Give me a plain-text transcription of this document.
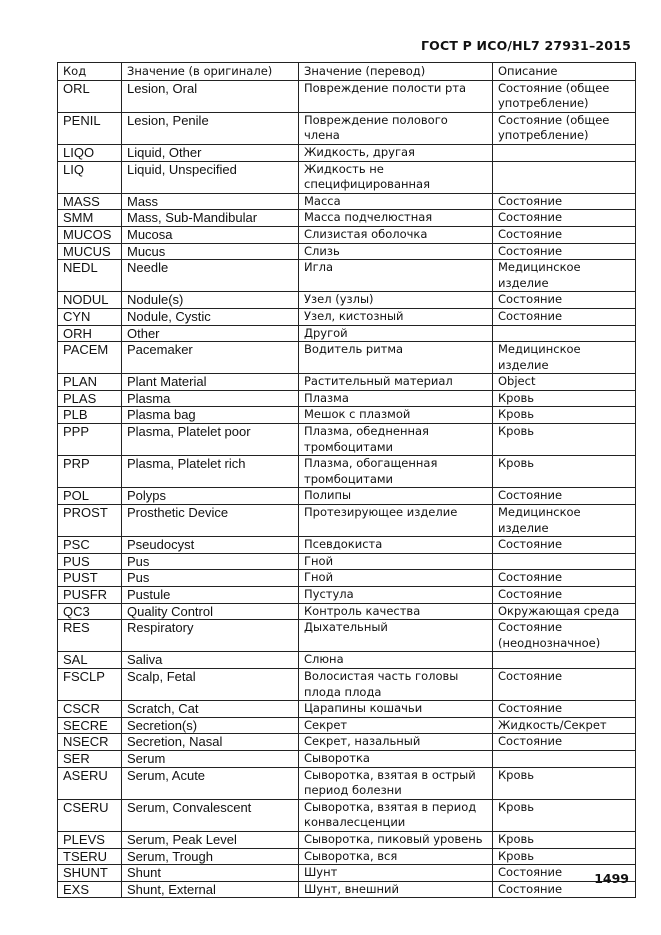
ГОСТ Р ИСО/HL7 27931–2015
Код	Значение (в оригинале)	Значение (перевод)	Описание
ORL	Lesion, Oral	Повреждение полости рта	Состояние (общее употребление)
PENIL	Lesion, Penile	Повреждение полового члена	Состояние (общее употребление)
LIQO	Liquid, Other	Жидкость, другая	
LIQ	Liquid, Unspecified	Жидкость не специфицированная	
MASS	Mass	Масса	Состояние
SMM	Mass, Sub-Mandibular	Масса подчелюстная	Состояние
MUCOS	Mucosa	Слизистая оболочка	Состояние
MUCUS	Mucus	Слизь	Состояние
NEDL	Needle	Игла	Медицинское изделие
NODUL	Nodule(s)	Узел (узлы)	Состояние
CYN	Nodule, Cystic	Узел, кистозный	Состояние
ORH	Other	Другой	
PACEM	Pacemaker	Водитель ритма	Медицинское изделие
PLAN	Plant Material	Растительный материал	Object
PLAS	Plasma	Плазма	Кровь
PLB	Plasma bag	Мешок с плазмой	Кровь
PPP	Plasma, Platelet poor	Плазма, обедненная тромбоцитами	Кровь
PRP	Plasma, Platelet rich	Плазма, обогащенная тромбоцитами	Кровь
POL	Polyps	Полипы	Состояние
PROST	Prosthetic Device	Протезирующее изделие	Медицинское изделие
PSC	Pseudocyst	Псевдокиста	Состояние
PUS	Pus	Гной	
PUST	Pus	Гной	Состояние
PUSFR	Pustule	Пустула	Состояние
QC3	Quality Control	Контроль качества	Окружающая среда
RES	Respiratory	Дыхательный	Состояние (неоднозначное)
SAL	Saliva	Слюна	
FSCLP	Scalp, Fetal	Волосистая часть головы плода плода	Состояние
CSCR	Scratch, Cat	Царапины кошачьи	Состояние
SECRE	Secretion(s)	Секрет	Жидкость/Секрет
NSECR	Secretion, Nasal	Секрет, назальный	Состояние
SER	Serum	Сыворотка	
ASERU	Serum, Acute	Сыворотка, взятая в острый период болезни	Кровь
CSERU	Serum, Convalescent	Сыворотка, взятая в период конвалесценции	Кровь
PLEVS	Serum, Peak Level	Сыворотка, пиковый уровень	Кровь
TSERU	Serum, Trough	Сыворотка, вся	Кровь
SHUNT	Shunt	Шунт	Состояние
EXS	Shunt, External	Шунт, внешний	Состояние
1499
